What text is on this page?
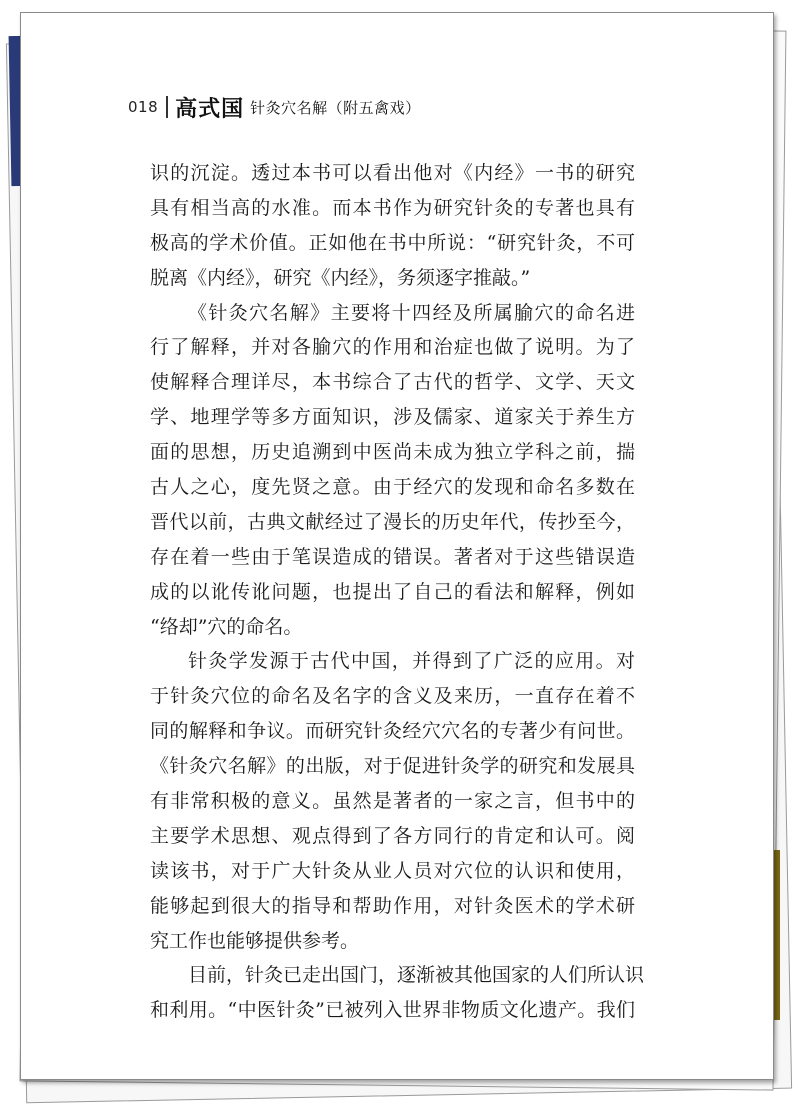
018 高式国 针灸穴名解（附五禽戏）
识的沉淀。透过本书可以看出他对《内经》一书的研究
具有相当高的水准。而本书作为研究针灸的专著也具有
极高的学术价值。正如他在书中所说：“研究针灸，不可
脱离《内经》，研究《内经》，务须逐字推敲。”
《针灸穴名解》主要将十四经及所属腧穴的命名进
行了解释，并对各腧穴的作用和治症也做了说明。为了
使解释合理详尽，本书综合了古代的哲学、文学、天文
学、地理学等多方面知识，涉及儒家、道家关于养生方
面的思想，历史追溯到中医尚未成为独立学科之前，揣
古人之心，度先贤之意。由于经穴的发现和命名多数在
晋代以前，古典文献经过了漫长的历史年代，传抄至今，
存在着一些由于笔误造成的错误。著者对于这些错误造
成的以讹传讹问题，也提出了自己的看法和解释，例如
“络却”穴的命名。
针灸学发源于古代中国，并得到了广泛的应用。对
于针灸穴位的命名及名字的含义及来历，一直存在着不
同的解释和争议。而研究针灸经穴穴名的专著少有问世。
《针灸穴名解》的出版，对于促进针灸学的研究和发展具
有非常积极的意义。虽然是著者的一家之言，但书中的
主要学术思想、观点得到了各方同行的肯定和认可。阅
读该书，对于广大针灸从业人员对穴位的认识和使用，
能够起到很大的指导和帮助作用，对针灸医术的学术研
究工作也能够提供参考。
目前，针灸已走出国门，逐渐被其他国家的人们所认识
和利用。“中医针灸”已被列入世界非物质文化遗产。我们
